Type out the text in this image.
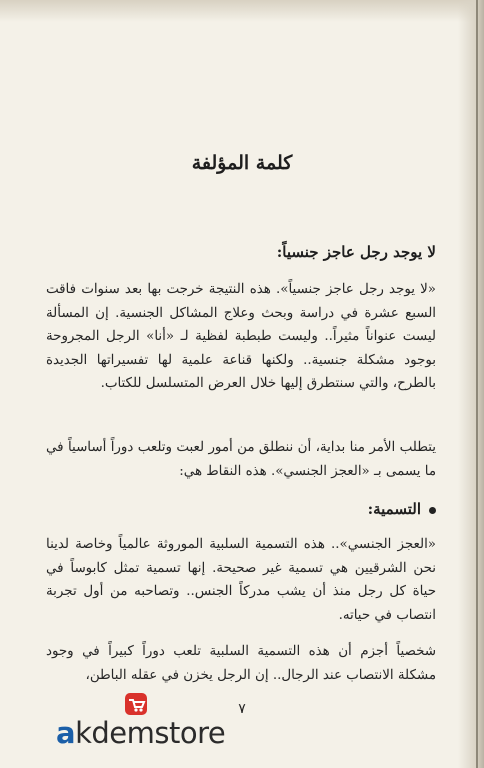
كلمة المؤلفة
لا يوجد رجل عاجز جنسياً:
«لا يوجد رجل عاجز جنسياً». هذه النتيجة خرجت بها بعد سنوات فاقت السبع عشرة في دراسة وبحث وعلاج المشاكل الجنسية. إن المسألة ليست عنواناً مثيراً.. وليست طبطبة لفظية لـ «أنا» الرجل المجروحة بوجود مشكلة جنسية.. ولكنها قناعة علمية لها تفسيراتها الجديدة بالطرح، والتي سنتطرق إليها خلال العرض المتسلسل للكتاب.
يتطلب الأمر منا بداية، أن ننطلق من أمور لعبت وتلعب دوراً أساسياً في ما يسمى بـ «العجز الجنسي». هذه النقاط هي:
التسمية:
«العجز الجنسي».. هذه التسمية السلبية الموروثة عالمياً وخاصة لدينا نحن الشرقيين هي تسمية غير صحيحة. إنها تسمية تمثل كابوساً في حياة كل رجل منذ أن يشب مدركاً الجنس.. وتصاحبه من أول تجربة انتصاب في حياته.
شخصياً أجزم أن هذه التسمية السلبية تلعب دوراً كبيراً في وجود مشكلة الانتصاب عند الرجال.. إن الرجل يخزن في عقله الباطن،
٧
akdemstore
